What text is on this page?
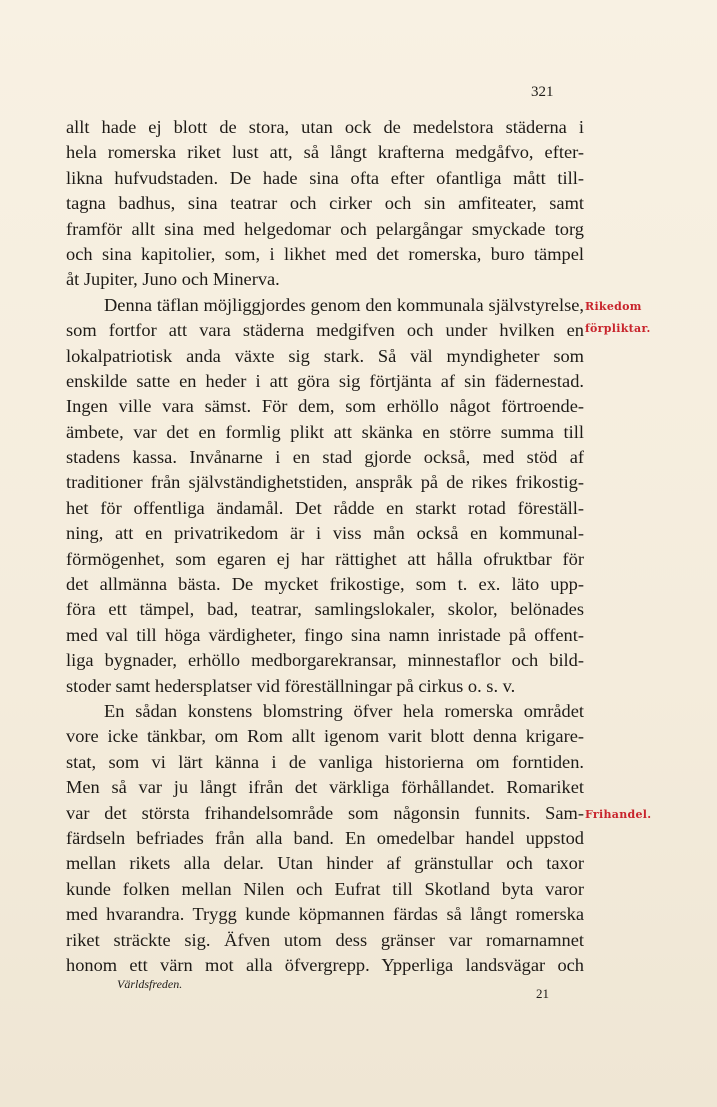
321
allt hade ej blott de stora, utan ock de medelstora städerna i
hela romerska riket lust att, så långt krafterna medgåfvo, efter-
likna hufvudstaden. De hade sina ofta efter ofantliga mått till-
tagna badhus, sina teatrar och cirker och sin amfiteater, samt
framför allt sina med helgedomar och pelargångar smyckade torg
och sina kapitolier, som, i likhet med det romerska, buro tämpel
åt Jupiter, Juno och Minerva.
Denna täflan möjliggjordes genom den kommunala självstyrelse,
som fortfor att vara städerna medgifven och under hvilken en
lokalpatriotisk anda växte sig stark. Så väl myndigheter som
enskilde satte en heder i att göra sig förtjänta af sin fädernestad.
Ingen ville vara sämst. För dem, som erhöllo något förtroende-
ämbete, var det en formlig plikt att skänka en större summa till
stadens kassa. Invånarne i en stad gjorde också, med stöd af
traditioner från självständighetstiden, anspråk på de rikes frikostig-
het för offentliga ändamål. Det rådde en starkt rotad föreställ-
ning, att en privatrikedom är i viss mån också en kommunal-
förmögenhet, som egaren ej har rättighet att hålla ofruktbar för
det allmänna bästa. De mycket frikostige, som t. ex. läto upp-
föra ett tämpel, bad, teatrar, samlingslokaler, skolor, belönades
med val till höga värdigheter, fingo sina namn inristade på offent-
liga bygnader, erhöllo medborgarekransar, minnestaflor och bild-
stoder samt hedersplatser vid föreställningar på cirkus o. s. v.
En sådan konstens blomstring öfver hela romerska området
vore icke tänkbar, om Rom allt igenom varit blott denna krigare-
stat, som vi lärt känna i de vanliga historierna om forntiden.
Men så var ju långt ifrån det värkliga förhållandet. Romariket
var det största frihandelsområde som någonsin funnits. Sam-
färdseln befriades från alla band. En omedelbar handel uppstod
mellan rikets alla delar. Utan hinder af gränstullar och taxor
kunde folken mellan Nilen och Eufrat till Skotland byta varor
med hvarandra. Trygg kunde köpmannen färdas så långt romerska
riket sträckte sig. Äfven utom dess gränser var romarnamnet
honom ett värn mot alla öfvergrepp. Ypperliga landsvägar och
Rikedom
förpliktar.
Frihandel.
Världsfreden.
21
